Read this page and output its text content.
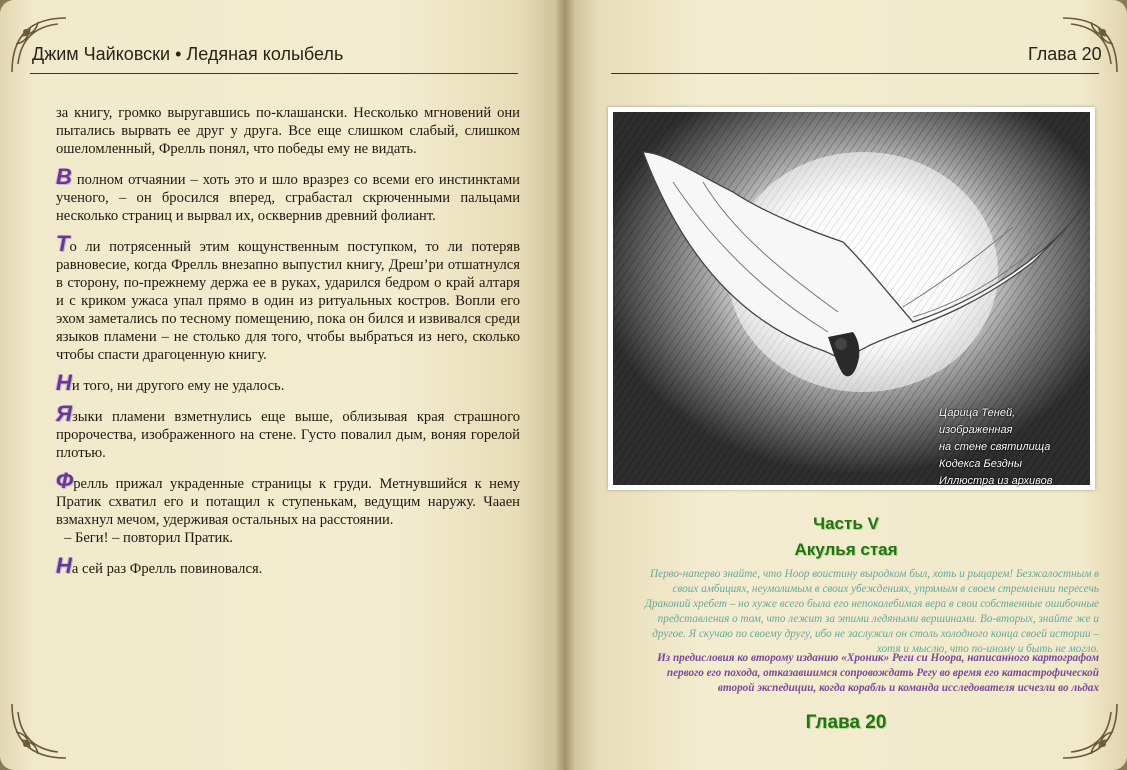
Джим Чайковски • Ледяная колыбель

за книгу, громко выругавшись по-клашански. Несколько мгновений они пытались вырвать ее друг у друга. Все еще слишком слабый, слишком ошеломленный, Фрелль понял, что победы ему не видать.

В полном отчаянии – хоть это и шло вразрез со всеми его инстинктами ученого, – он бросился вперед, сграбастал скрюченными пальцами несколько страниц и вырвал их, осквернив древний фолиант.

То ли потрясенный этим кощунственным поступком, то ли потеряв равновесие, когда Фрелль внезапно выпустил книгу, Дреш’ри отшатнулся в сторону, по-прежнему держа ее в руках, ударился бедром о край алтаря и с криком ужаса упал прямо в один из ритуальных костров. Вопли его эхом заметались по тесному помещению, пока он бился и извивался среди языков пламени – не столько для того, чтобы выбраться из него, сколько чтобы спасти драгоценную книгу.

Ни того, ни другого ему не удалось.

Языки пламени взметнулись еще выше, облизывая края страшного пророчества, изображенного на стене. Густо повалил дым, воняя горелой плотью.

Фрелль прижал украденные страницы к груди. Метнувшийся к нему Пратик схватил его и потащил к ступенькам, ведущим наружу. Чааен взмахнул мечом, удерживая остальных на расстоянии.

– Беги! – повторил Пратик.

На сей раз Фрелль повиновался.

Глава 20
Царица Теней, изображенная
на стене святилища
Кодекса Бездны
Иллюстра из архивов
Часть V
Акулья стая
Перво-наперво знайте, что Ноор воистину выродком был, хоть и рыцарем! Безжалостным в своих амбициях, неумолимым в своих убеждениях, упрямым в своем стремлении пересечь Драконий хребет – но хуже всего была его непоколебимая вера в свои собственные ошибочные представления о том, что лежит за этими ледяными вершинами. Во-вторых, знайте же и другое. Я скучаю по своему другу, ибо не заслужил он столь холодного конца своей истории – хотя и мыслю, что по-иному и быть не могло.
Из предисловия ко второму изданию «Хроник» Реги си Ноора, написанного картографом первого его похода, отказавшимся сопровождать Регу во время его катастрофической второй экспедиции, когда корабль и команда исследователя исчезли во льдах
Глава 20
